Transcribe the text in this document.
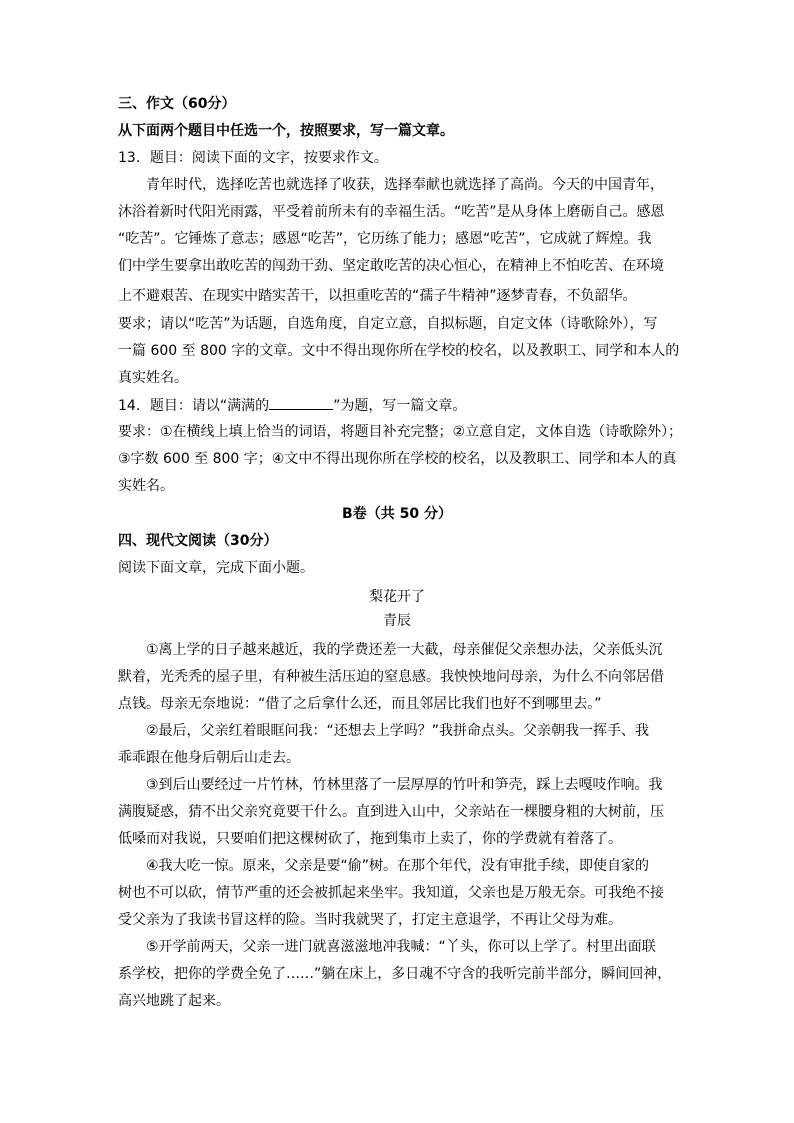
三、作文（60分）
从下面两个题目中任选一个，按照要求，写一篇文章。
13．题目：阅读下面的文字，按要求作文。
青年时代，选择吃苦也就选择了收获，选择奉献也就选择了高尚。今天的中国青年，
沐浴着新时代阳光雨露，平受着前所未有的幸福生活。“吃苦”是从身体上磨砺自己。感恩
“吃苦”。它锤炼了意志；感恩“吃苦”，它历练了能力；感恩“吃苦”，它成就了辉煌。我
们中学生要拿出敢吃苦的闯劲干劲、坚定敢吃苦的决心恒心，在精神上不怕吃苦、在环境
上不避艰苦、在现实中踏实苦干，以担重吃苦的“孺子牛精神”逐梦青春，不负韶华。
要求；请以“吃苦”为话题，自选角度，自定立意，自拟标题，自定文体（诗歌除外），写
一篇 600 至 800 字的文章。文中不得出现你所在学校的校名，以及教职工、同学和本人的
真实姓名。
14．题目：请以“满满的	”为题，写一篇文章。
要求：①在横线上填上恰当的词语，将题目补充完整；②立意自定，文体自选（诗歌除外）；
③字数 600 至 800 字；④文中不得出现你所在学校的校名，以及教职工、同学和本人的真
实姓名。
B卷（共 50 分）
四、现代文阅读（30分）
阅读下面文章，完成下面小题。
梨花开了
青辰
①离上学的日子越来越近，我的学费还差一大截，母亲催促父亲想办法，父亲低头沉
默着，光秃秃的屋子里，有种被生活压迫的窒息感。我怏怏地问母亲，为什么不向邻居借
点钱。母亲无奈地说：“借了之后拿什么还，而且邻居比我们也好不到哪里去。”
②最后，父亲红着眼眶问我：“还想去上学吗？”我拼命点头。父亲朝我一挥手、我
乖乖跟在他身后朝后山走去。
③到后山要经过一片竹林，竹林里落了一层厚厚的竹叶和笋壳，踩上去嘎吱作响。我
满腹疑惑，猜不出父亲究竟要干什么。直到进入山中，父亲站在一棵腰身粗的大树前，压
低嗓而对我说，只要咱们把这棵树砍了，拖到集市上卖了，你的学费就有着落了。
④我大吃一惊。原来，父亲是要“偷”树。在那个年代，没有审批手续，即使自家的
树也不可以砍，情节严重的还会被抓起来坐牢。我知道，父亲也是万般无奈。可我绝不接
受父亲为了我读书冒这样的险。当时我就哭了，打定主意退学，不再让父母为难。
⑤开学前两天，父亲一进门就喜滋滋地冲我喊：“丫头，你可以上学了。村里出面联
系学校，把你的学费全免了……”躺在床上，多日魂不守含的我听完前半部分，瞬间回神，
高兴地跳了起来。
